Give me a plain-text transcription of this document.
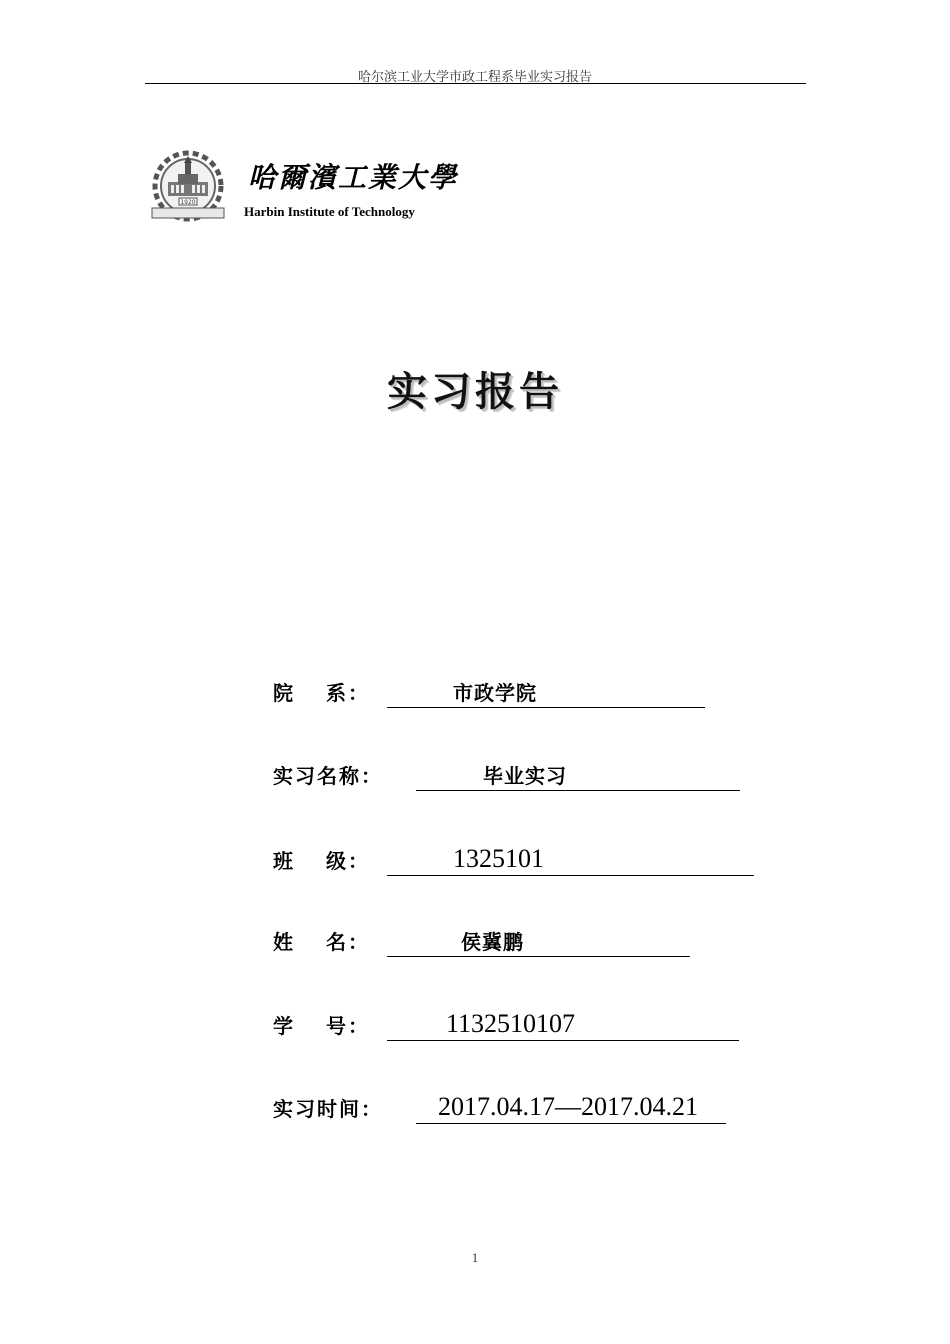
哈尔滨工业大学市政工程系毕业实习报告
1920
哈爾濱工業大學
Harbin Institute of Technology
实习报告
院　 系：	市政学院
实习名称：	毕业实习
班　 级：	1325101
姓　 名：	侯冀鹏
学　 号：	1132510107
实习时间： 2017.04.17—2017.04.21
1
